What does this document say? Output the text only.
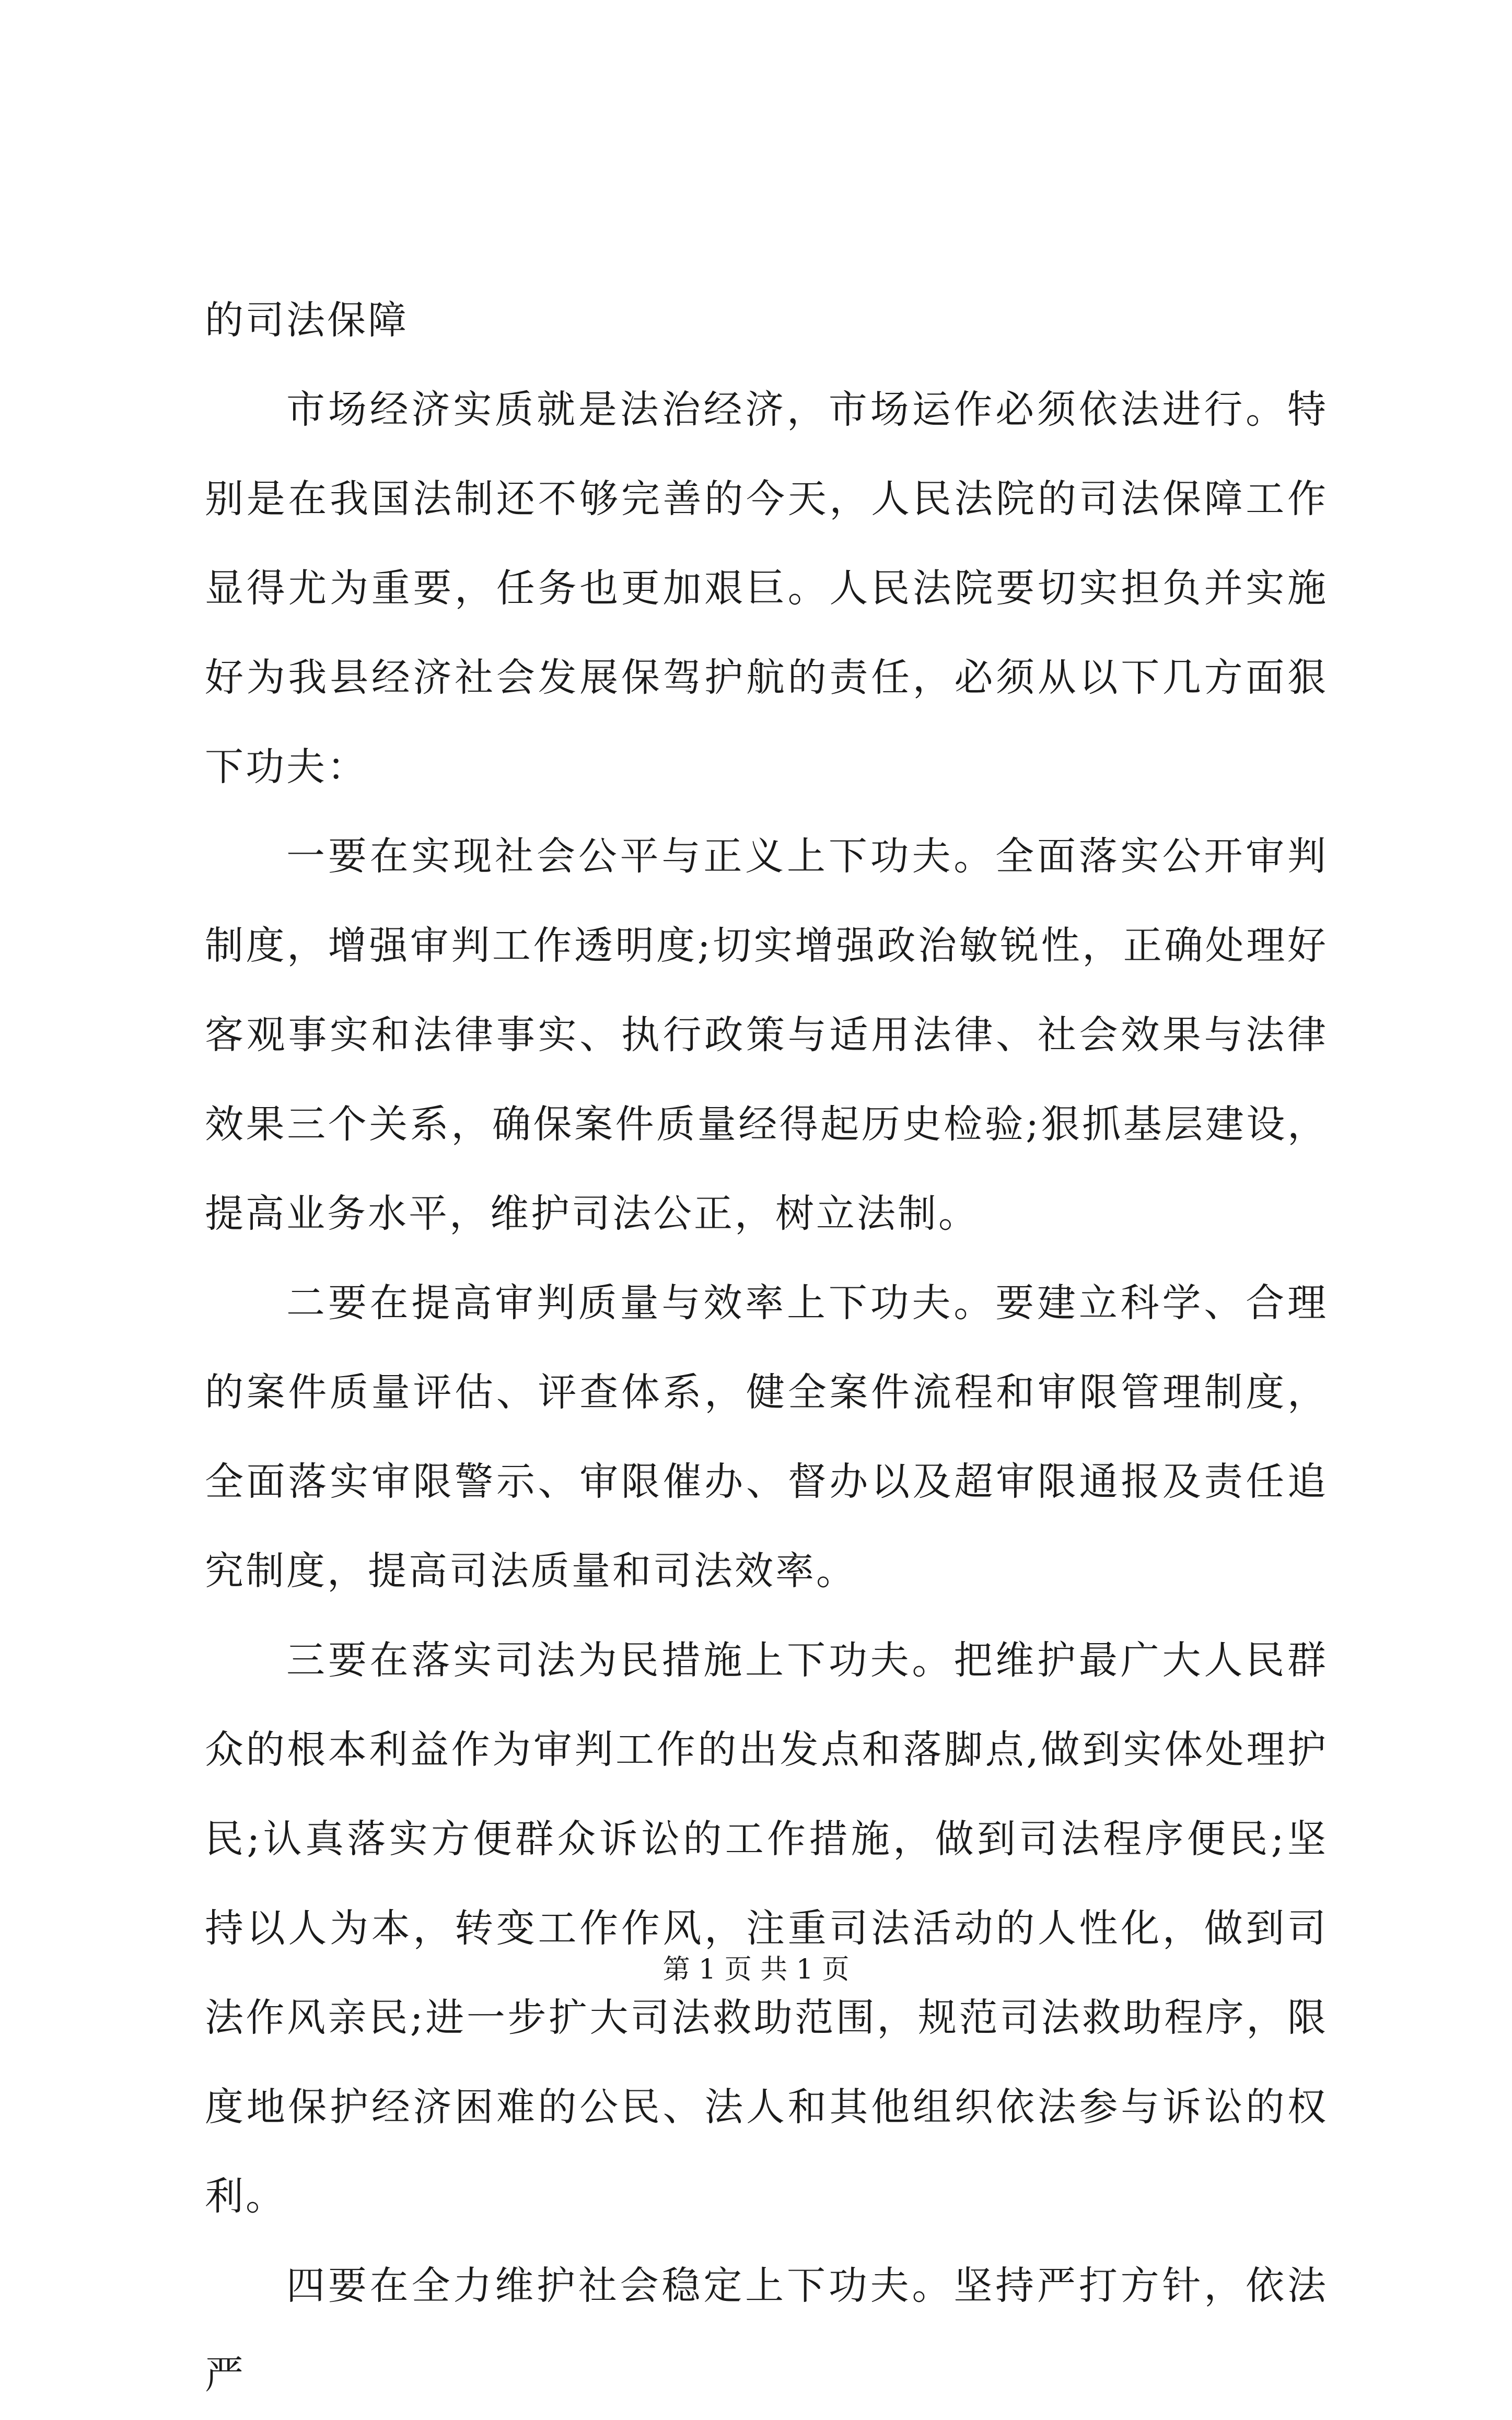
的司法保障

市场经济实质就是法治经济，市场运作必须依法进行。特别是在我国法制还不够完善的今天，人民法院的司法保障工作显得尤为重要，任务也更加艰巨。人民法院要切实担负并实施好为我县经济社会发展保驾护航的责任，必须从以下几方面狠下功夫：

一要在实现社会公平与正义上下功夫。全面落实公开审判制度，增强审判工作透明度;切实增强政治敏锐性，正确处理好客观事实和法律事实、执行政策与适用法律、社会效果与法律效果三个关系，确保案件质量经得起历史检验;狠抓基层建设，提高业务水平，维护司法公正，树立法制。

二要在提高审判质量与效率上下功夫。要建立科学、合理的案件质量评估、评查体系，健全案件流程和审限管理制度，全面落实审限警示、审限催办、督办以及超审限通报及责任追究制度，提高司法质量和司法效率。

三要在落实司法为民措施上下功夫。把维护最广大人民群众的根本利益作为审判工作的出发点和落脚点,做到实体处理护民;认真落实方便群众诉讼的工作措施，做到司法程序便民;坚持以人为本，转变工作作风，注重司法活动的人性化，做到司法作风亲民;进一步扩大司法救助范围，规范司法救助程序，限度地保护经济困难的公民、法人和其他组织依法参与诉讼的权利。

四要在全力维护社会稳定上下功夫。坚持严打方针，依法严

第 1 页 共 1 页
